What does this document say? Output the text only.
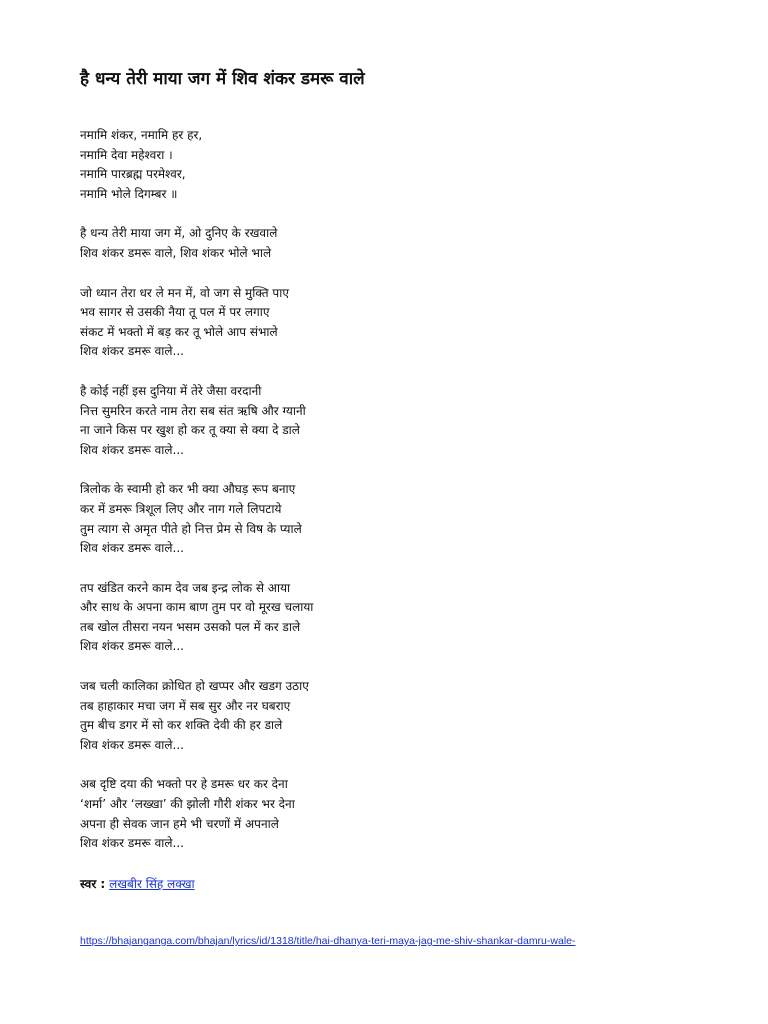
है धन्य तेरी माया जग में शिव शंकर डमरू वाले
नमामि शंकर, नमामि हर हर,
नमामि देवा महेश्वरा ।
नमामि पारब्रह्म परमेश्वर,
नमामि भोले दिगम्बर ॥
है धन्य तेरी माया जग में, ओ दुनिए के रखवाले
शिव शंकर डमरू वाले, शिव शंकर भोले भाले
जो ध्यान तेरा धर ले मन में, वो जग से मुक्ति पाए
भव सागर से उसकी नैया तू पल में पर लगाए
संकट में भक्तो में बड़ कर तू भोले आप संभाले
शिव शंकर डमरू वाले...
है कोई नहीं इस दुनिया में तेरे जैसा वरदानी
नित्त सुमरिन करते नाम तेरा सब संत ऋषि और ग्यानी
ना जाने किस पर खुश हो कर तू क्या से क्या दे डाले
शिव शंकर डमरू वाले...
त्रिलोक के स्वामी हो कर भी क्या औघड़ रूप बनाए
कर में डमरू त्रिशूल लिए और नाग गले लिपटाये
तुम त्याग से अमृत पीते हो नित्त प्रेम से विष के प्याले
शिव शंकर डमरू वाले...
तप खंडित करने काम देव जब इन्द्र लोक से आया
और साध के अपना काम बाण तुम पर वो मूरख चलाया
तब खोल तीसरा नयन भसम उसको पल में कर डाले
शिव शंकर डमरू वाले...
जब चली कालिका क्रोधित हो खप्पर और खडग उठाए
तब हाहाकार मचा जग में सब सुर और नर घबराए
तुम बीच डगर में सो कर शक्ति देवी की हर डाले
शिव शंकर डमरू वाले...
अब दृष्टि दया की भक्तो पर हे डमरू धर कर देना
‘शर्मा’ और ‘लख्खा’ की झोली गौरी शंकर भर देना
अपना ही सेवक जान हमे भी चरणों में अपनाले
शिव शंकर डमरू वाले...
स्वर : लखबीर सिंह लक्खा
https://bhajanganga.com/bhajan/lyrics/id/1318/title/hai-dhanya-teri-maya-jag-me-shiv-shankar-damru-wale-
